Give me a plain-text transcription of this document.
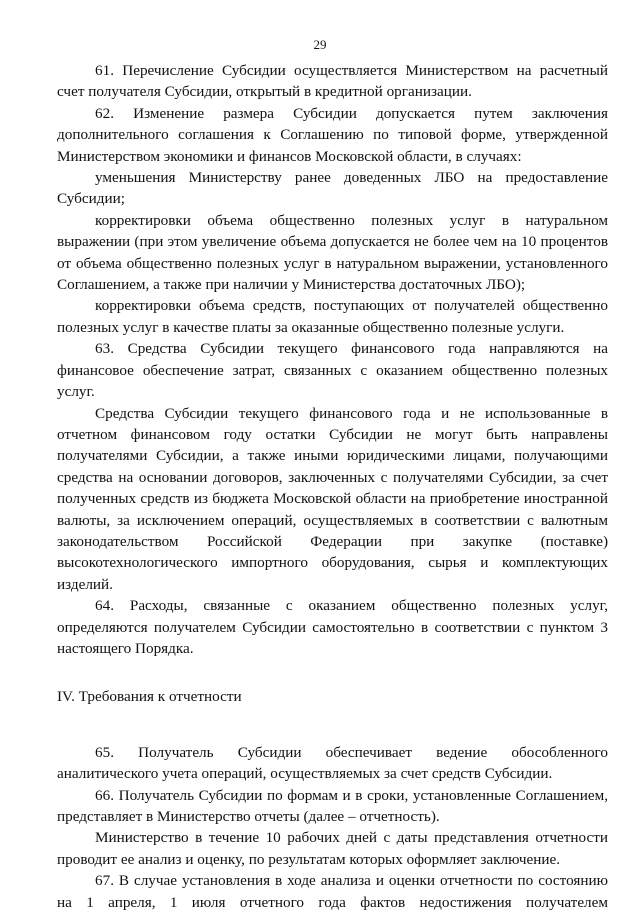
29

61. Перечисление Субсидии осуществляется Министерством на расчетный счет получателя Субсидии, открытый в кредитной организации.

62. Изменение размера Субсидии допускается путем заключения дополнительного соглашения к Соглашению по типовой форме, утвержденной Министерством экономики и финансов Московской области, в случаях:

уменьшения Министерству ранее доведенных ЛБО на предоставление Субсидии;

корректировки объема общественно полезных услуг в натуральном выражении (при этом увеличение объема допускается не более чем на 10 процентов от объема общественно полезных услуг в натуральном выражении, установленного Соглашением, а также при наличии у Министерства достаточных ЛБО);

корректировки объема средств, поступающих от получателей общественно полезных услуг в качестве платы за оказанные общественно полезные услуги.

63. Средства Субсидии текущего финансового года направляются на финансовое обеспечение затрат, связанных с оказанием общественно полезных услуг.

Средства Субсидии текущего финансового года и не использованные в отчетном финансовом году остатки Субсидии не могут быть направлены получателями Субсидии, а также иными юридическими лицами, получающими средства на основании договоров, заключенных с получателями Субсидии, за счет полученных средств из бюджета Московской области на приобретение иностранной валюты, за исключением операций, осуществляемых в соответствии с валютным законодательством Российской Федерации при закупке (поставке) высокотехнологического импортного оборудования, сырья и комплектующих изделий.

64. Расходы, связанные с оказанием общественно полезных услуг, определяются получателем Субсидии самостоятельно в соответствии с пунктом 3 настоящего Порядка.

IV. Требования к отчетности

65. Получатель Субсидии обеспечивает ведение обособленного аналитического учета операций, осуществляемых за счет средств Субсидии.

66. Получатель Субсидии по формам и в сроки, установленные Соглашением, представляет в Министерство отчеты (далее – отчетность).

Министерство в течение 10 рабочих дней с даты представления отчетности проводит ее анализ и оценку, по результатам которых оформляет заключение.

67. В случае установления в ходе анализа и оценки отчетности по состоянию на 1 апреля, 1 июля отчетного года фактов недостижения получателем
